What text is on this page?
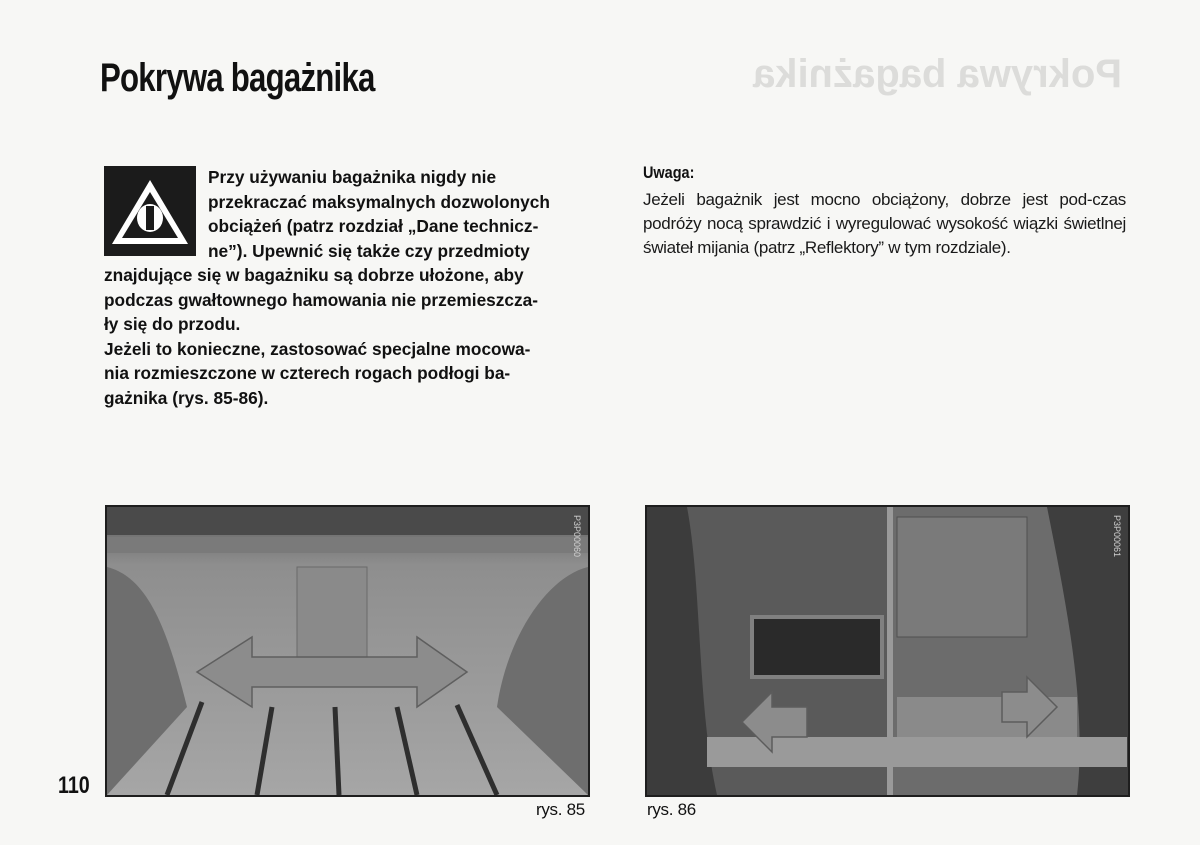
Pokrywa bagażnika
Pokrywa bagażnika

Przy używaniu bagażnika nigdy nie
przekraczać maksymalnych dozwolonych
obciążeń (patrz rozdział „Dane technicz-
ne”). Upewnić się także czy przedmioty
znajdujące się w bagażniku są dobrze ułożone, aby
podczas gwałtownego hamowania nie przemieszcza-
ły się do przodu.
Jeżeli to konieczne, zastosować specjalne mocowa-
nia rozmieszczone w czterech rogach podłogi ba-
gażnika (rys. 85-86).

Uwaga:

Jeżeli bagażnik jest mocno obciążony, dobrze jest pod-czas podróży nocą sprawdzić i wyregulować wysokość wiązki świetlnej świateł mijania (patrz „Reflektory” w tym rozdziale).

P3P00060	P3P00061
rys. 85	rys. 86
110
